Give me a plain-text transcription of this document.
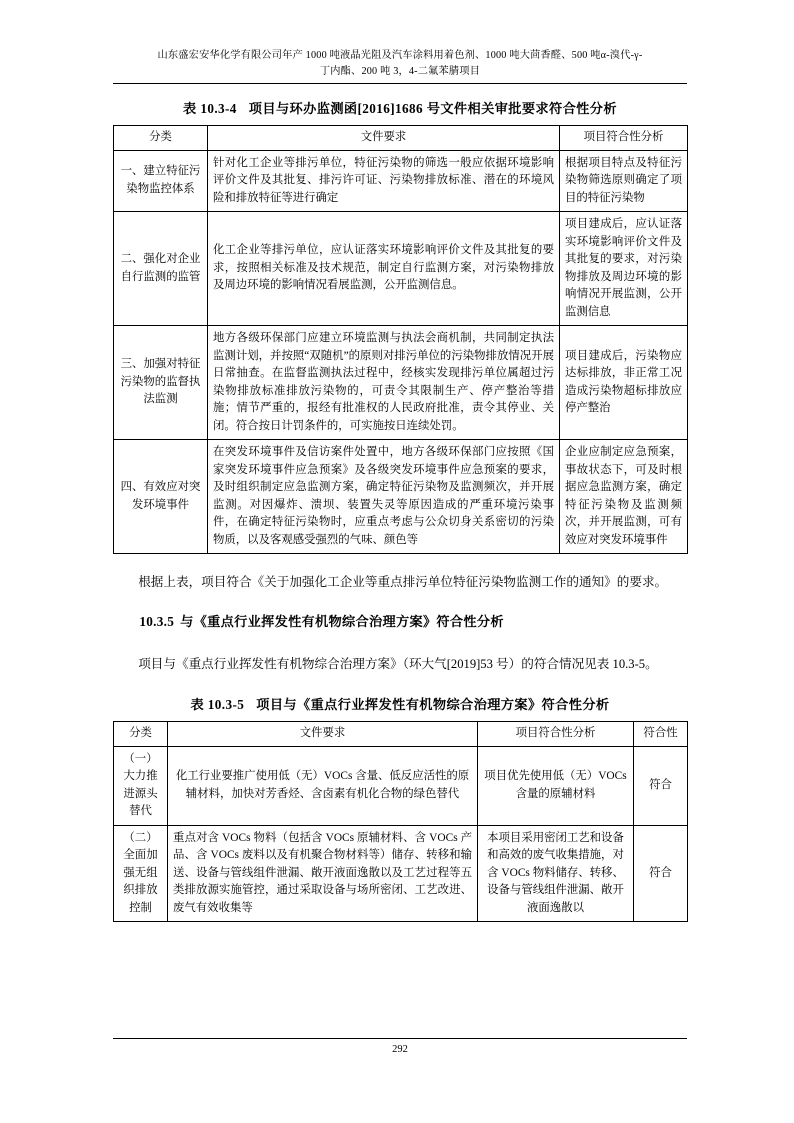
山东盛宏安华化学有限公司年产 1000 吨液晶光阻及汽车涂料用着色剂、1000 吨大茴香醛、500 吨α-溴代-γ-
丁内酯、200 吨 3，4-二氟苯腈项目
表 10.3-4 项目与环办监测函[2016]1686 号文件相关审批要求符合性分析
分类	文件要求	项目符合性分析
一、建立特征污染物监控体系	针对化工企业等排污单位，特征污染物的筛选一般应依据环境影响评价文件及其批复、排污许可证、污染物排放标准、潜在的环境风险和排放特征等进行确定	根据项目特点及特征污染物筛选原则确定了项目的特征污染物
二、强化对企业自行监测的监管	化工企业等排污单位，应认证落实环境影响评价文件及其批复的要求，按照相关标准及技术规范，制定自行监测方案，对污染物排放及周边环境的影响情况看展监测，公开监测信息。	项目建成后，应认证落实环境影响评价文件及其批复的要求，对污染物排放及周边环境的影响情况开展监测，公开监测信息
三、加强对特征污染物的监督执法监测	地方各级环保部门应建立环境监测与执法会商机制，共同制定执法监测计划，并按照“双随机”的原则对排污单位的污染物排放情况开展日常抽查。在监督监测执法过程中，经核实发现排污单位属超过污染物排放标准排放污染物的，可责令其限制生产、停产整治等措施；情节严重的，报经有批准权的人民政府批准，责令其停业、关闭。符合按日计罚条件的，可实施按日连续处罚。	项目建成后，污染物应达标排放，非正常工况造成污染物超标排放应停产整治
四、有效应对突发环境事件	在突发环境事件及信访案件处置中，地方各级环保部门应按照《国家突发环境事件应急预案》及各级突发环境事件应急预案的要求，及时组织制定应急监测方案，确定特征污染物及监测频次，并开展监测。对因爆炸、溃坝、装置失灵等原因造成的严重环境污染事件，在确定特征污染物时，应重点考虑与公众切身关系密切的污染物质，以及客观感受强烈的气味、颜色等	企业应制定应急预案，事故状态下，可及时根据应急监测方案，确定特征污染物及监测频次，并开展监测，可有效应对突发环境事件

根据上表，项目符合《关于加强化工企业等重点排污单位特征污染物监测工作的通知》的要求。

10.3.5 与《重点行业挥发性有机物综合治理方案》符合性分析

项目与《重点行业挥发性有机物综合治理方案》（环大气[2019]53 号）的符合情况见表 10.3-5。

表 10.3-5 项目与《重点行业挥发性有机物综合治理方案》符合性分析
分类	文件要求	项目符合性分析	符合性
（一）大力推进源头替代	化工行业要推广使用低（无）VOCs 含量、低反应活性的原辅材料，加快对芳香烃、含卤素有机化合物的绿色替代	项目优先使用低（无）VOCs 含量的原辅材料	符合
（二）全面加强无组织排放控制	重点对含 VOCs 物料（包括含 VOCs 原辅材料、含 VOCs 产品、含 VOCs 废料以及有机聚合物材料等）储存、转移和输送、设备与管线组件泄漏、敞开液面逸散以及工艺过程等五类排放源实施管控，通过采取设备与场所密闭、工艺改进、废气有效收集等	本项目采用密闭工艺和设备和高效的废气收集措施，对含 VOCs 物料储存、转移、设备与管线组件泄漏、敞开液面逸散以	符合
292
